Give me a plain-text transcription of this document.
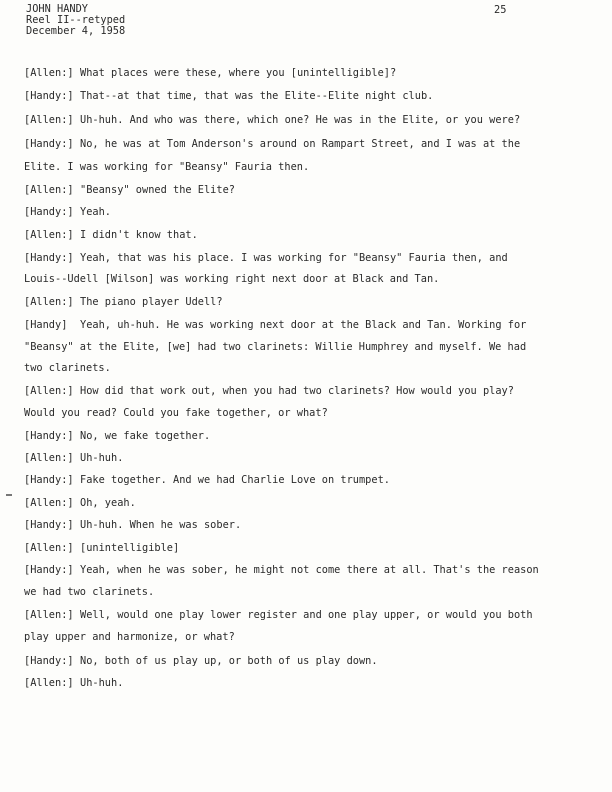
JOHN HANDY
Reel II--retyped
December 4, 1958
25
[Allen:] What places were these, where you [unintelligible]?
[Handy:] That--at that time, that was the Elite--Elite night club.
[Allen:] Uh-huh. And who was there, which one? He was in the Elite, or you were?
[Handy:] No, he was at Tom Anderson's around on Rampart Street, and I was at the
Elite. I was working for "Beansy" Fauria then.
[Allen:] "Beansy" owned the Elite?
[Handy:] Yeah.
[Allen:] I didn't know that.
[Handy:] Yeah, that was his place. I was working for "Beansy" Fauria then, and
Louis--Udell [Wilson] was working right next door at Black and Tan.
[Allen:] The piano player Udell?
[Handy] Yeah, uh-huh. He was working next door at the Black and Tan. Working for
"Beansy" at the Elite, [we] had two clarinets: Willie Humphrey and myself. We had
two clarinets.
[Allen:] How did that work out, when you had two clarinets? How would you play?
Would you read? Could you fake together, or what?
[Handy:] No, we fake together.
[Allen:] Uh-huh.
[Handy:] Fake together. And we had Charlie Love on trumpet.
[Allen:] Oh, yeah.
[Handy:] Uh-huh. When he was sober.
[Allen:] [unintelligible]
[Handy:] Yeah, when he was sober, he might not come there at all. That's the reason
we had two clarinets.
[Allen:] Well, would one play lower register and one play upper, or would you both
play upper and harmonize, or what?
[Handy:] No, both of us play up, or both of us play down.
[Allen:] Uh-huh.
